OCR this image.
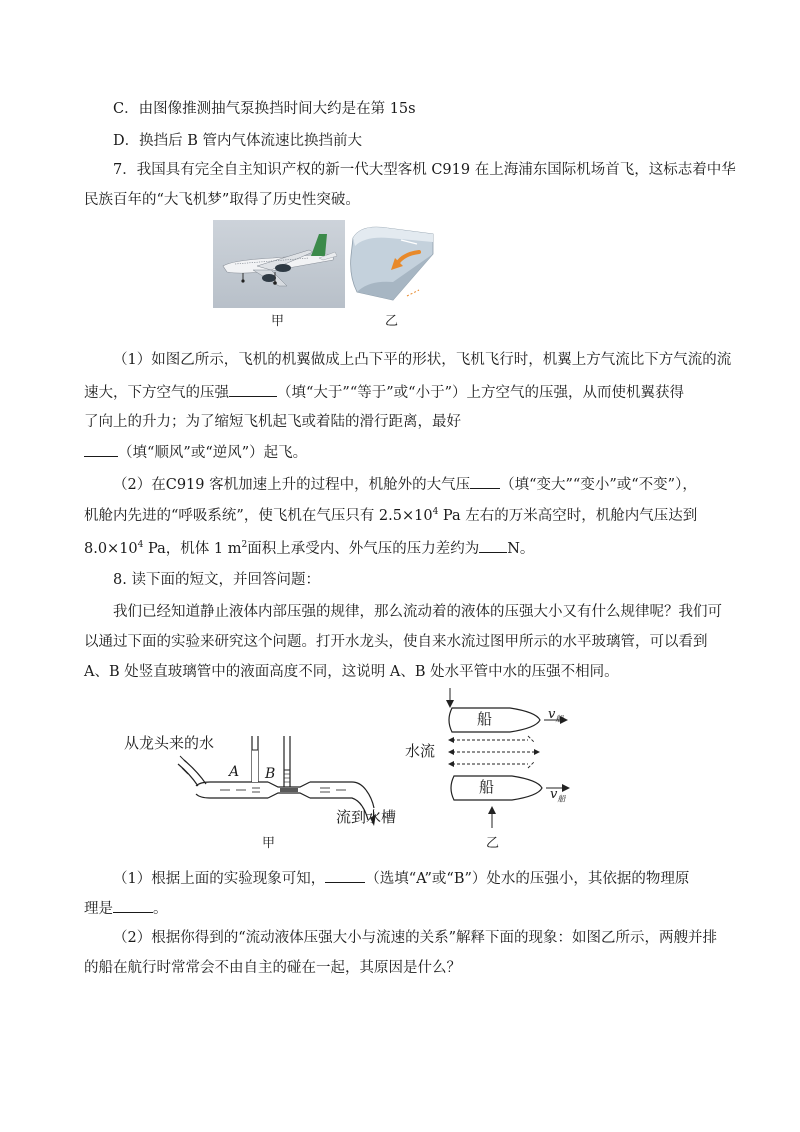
C．由图像推测抽气泵换挡时间大约是在第 15s
D．换挡后 B 管内气体流速比换挡前大
7．我国具有完全自主知识产权的新一代大型客机 C919 在上海浦东国际机场首飞，这标志着中华
民族百年的“大飞机梦”取得了历史性突破。
甲	乙
（1）如图乙所示，飞机的机翼做成上凸下平的形状，飞机飞行时，机翼上方气流比下方气流的流
速大，下方空气的压强	（填“大于”“等于”或“小于”）上方空气的压强，从而使机翼获得
了向上的升力；为了缩短飞机起飞或着陆的滑行距离，最好
（填“顺风”或“逆风”）起飞。
（2）在C919 客机加速上升的过程中，机舱外的大气压 （填“变大”“变小”或“不变”），
机舱内先进的“呼吸系统”，使飞机在气压只有 $2.5\times 10^4$ Pa 左右的万米高空时，机舱内气压达到
$8.0\times 10^4$ Pa，机体 1 $m^2$面积上承受内、外气压的压力差约为 N。
8. 读下面的短文，并回答问题：
我们已经知道静止液体内部压强的规律，那么流动着的液体的压强大小又有什么规律呢？我们可
以通过下面的实验来研究这个问题。打开水龙头，使自来水流过图甲所示的水平玻璃管，可以看到
A、B 处竖直玻璃管中的液面高度不同，这说明 A、B 处水平管中水的压强不相同。
从龙头来的水
A B
流到水槽
甲
船
船
水流
$v_船$
$v_船$
乙
（1）根据上面的实验现象可知，	（选填“A”或“B”）处水的压强小，其依据的物理原
理是	。
（2）根据你得到的“流动液体压强大小与流速的关系”解释下面的现象：如图乙所示，两艘并排
的船在航行时常常会不由自主的碰在一起，其原因是什么？
